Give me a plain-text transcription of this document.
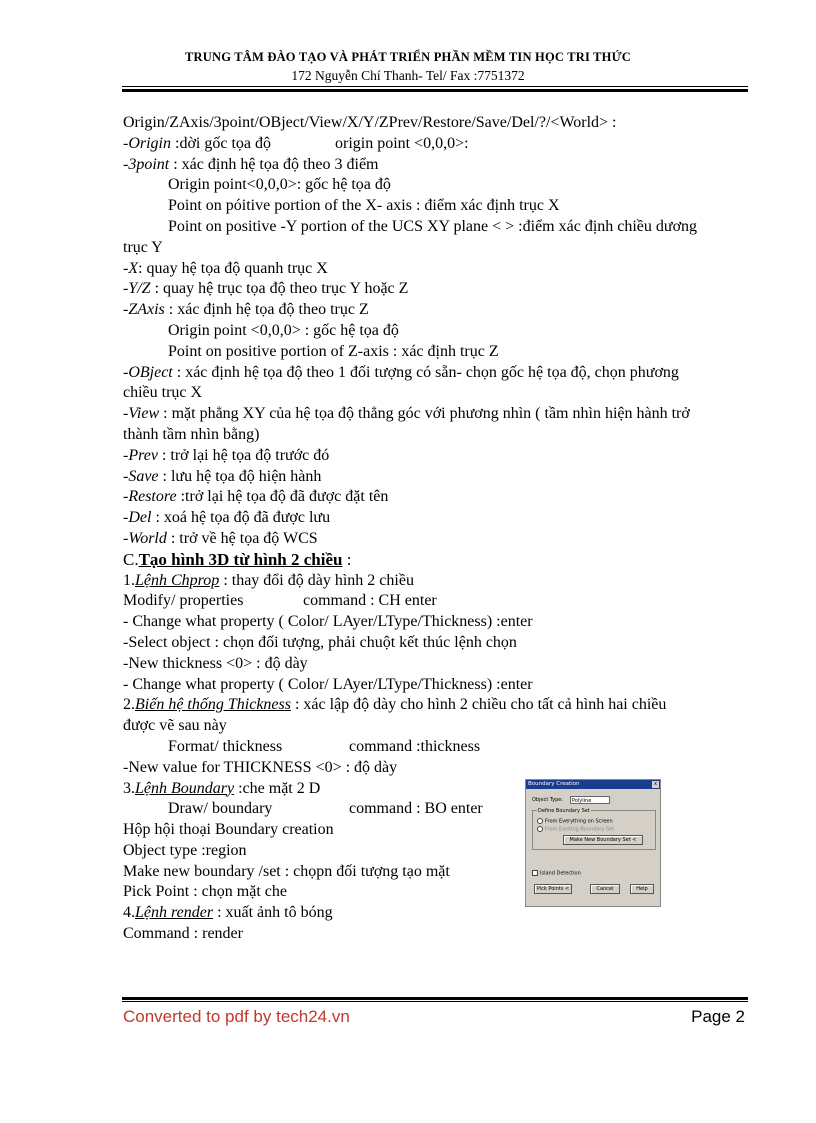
TRUNG TÂM ĐÀO TẠO VÀ PHÁT TRIỂN PHẦN MỀM TIN HỌC TRI THỨC
172 Nguyễn Chí Thanh- Tel/ Fax :7751372

Origin/ZAxis/3point/OBject/View/X/Y/ZPrev/Restore/Save/Del/?/<World> :

-Origin :dời gốc tọa độ	origin point <0,0,0>:

-3point : xác định hệ tọa độ theo 3 điểm

Origin point<0,0,0>: gốc hệ tọa độ

Point on póitive portion of the X- axis : điểm xác định trục X

Point on positive -Y portion of the UCS XY plane < > :điểm xác định chiều dương

trục Y

-X: quay hệ tọa độ quanh trục X

-Y/Z : quay hệ trục tọa độ theo trục Y hoặc Z

-ZAxis : xác định hệ tọa độ theo trục Z

Origin point <0,0,0> : gốc hệ tọa độ

Point on positive portion of Z-axis : xác định trục Z

-OBject : xác định hệ tọa độ theo 1 đối tượng có sẵn- chọn gốc hệ tọa độ, chọn phương

chiều trục X

-View : mặt phẳng XY của hệ tọa độ thẳng góc với phương nhìn ( tầm nhìn hiện hành trở

thành tầm nhìn bằng)

-Prev : trở lại hệ tọa độ trước đó

-Save : lưu hệ tọa độ hiện hành

-Restore :trở lại hệ tọa độ đã được đặt tên

-Del : xoá hệ tọa độ đã được lưu

-World : trở về hệ tọa độ WCS

C.Tạo hình 3D từ hình 2 chiều :

1.Lệnh Chprop : thay đổi độ dày hình 2 chiều

Modify/ properties	command : CH enter

- Change what property ( Color/ LAyer/LType/Thickness) :enter

-Select object : chọn đối tượng, phải chuột kết thúc lệnh chọn

-New thickness <0> : độ dày

- Change what property ( Color/ LAyer/LType/Thickness) :enter

2.Biến hệ thống Thickness : xác lập độ dày cho hình 2 chiều cho tất cả hình hai chiều

được vẽ sau này

Format/ thickness	command :thickness

-New value for THICKNESS <0> : độ dày

3.Lệnh Boundary :che mặt 2 D

Draw/ boundary	command : BO enter

Hộp hội thoại Boundary creation

Object type :region

Make new boundary /set : chọpn đối tượng tạo mặt

Pick Point : chọn mặt che

4.Lệnh render : xuất ảnh tô bóng

Command : render

Boundary Creation	x
Object Type:	Polyline
Define Boundary Set
From Everything on Screen
From Existing Boundary Set
Make New Boundary Set <
Island Detection
Pick Points <	Cancel	Help
Converted to pdf by tech24.vn	Page 2
